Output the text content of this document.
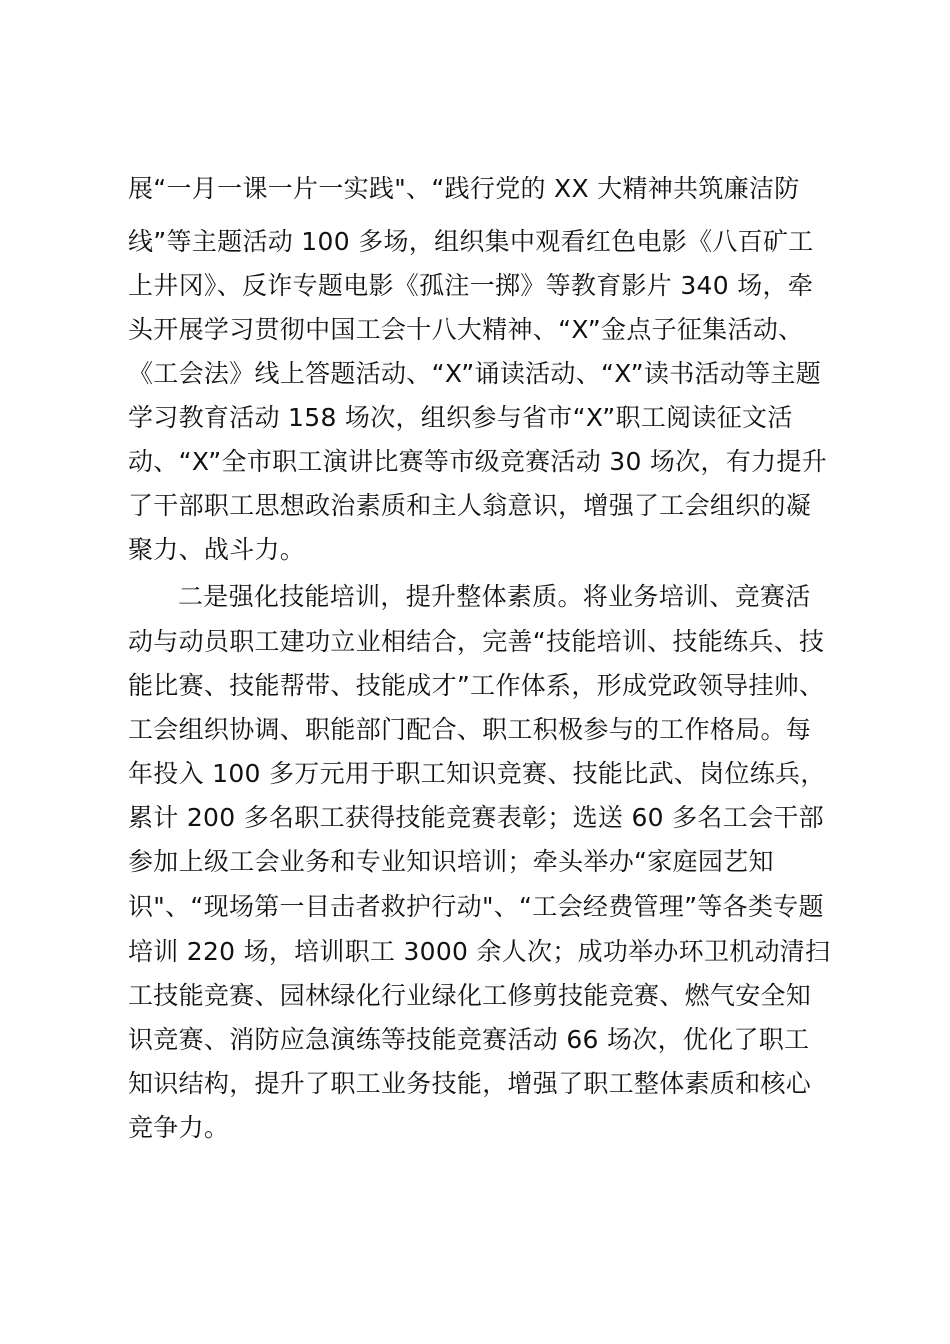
展“一月一课一片一实践"、“践行党的 XX 大精神共筑廉洁防
线”等主题活动 100 多场，组织集中观看红色电影《八百矿工
上井冈》、反诈专题电影《孤注一掷》等教育影片 340 场，牵
头开展学习贯彻中国工会十八大精神、“X”金点子征集活动、
《工会法》线上答题活动、“X”诵读活动、“X”读书活动等主题
学习教育活动 158 场次，组织参与省市“X”职工阅读征文活
动、“X”全市职工演讲比赛等市级竞赛活动 30 场次，有力提升
了干部职工思想政治素质和主人翁意识，增强了工会组织的凝
聚力、战斗力。
二是强化技能培训，提升整体素质。将业务培训、竞赛活
动与动员职工建功立业相结合，完善“技能培训、技能练兵、技
能比赛、技能帮带、技能成才”工作体系，形成党政领导挂帅、
工会组织协调、职能部门配合、职工积极参与的工作格局。每
年投入 100 多万元用于职工知识竞赛、技能比武、岗位练兵，
累计 200 多名职工获得技能竞赛表彰；选送 60 多名工会干部
参加上级工会业务和专业知识培训；牵头举办“家庭园艺知
识"、“现场第一目击者救护行动"、“工会经费管理”等各类专题
培训 220 场，培训职工 3000 余人次；成功举办环卫机动清扫
工技能竞赛、园林绿化行业绿化工修剪技能竞赛、燃气安全知
识竞赛、消防应急演练等技能竞赛活动 66 场次，优化了职工
知识结构，提升了职工业务技能，增强了职工整体素质和核心
竞争力。
